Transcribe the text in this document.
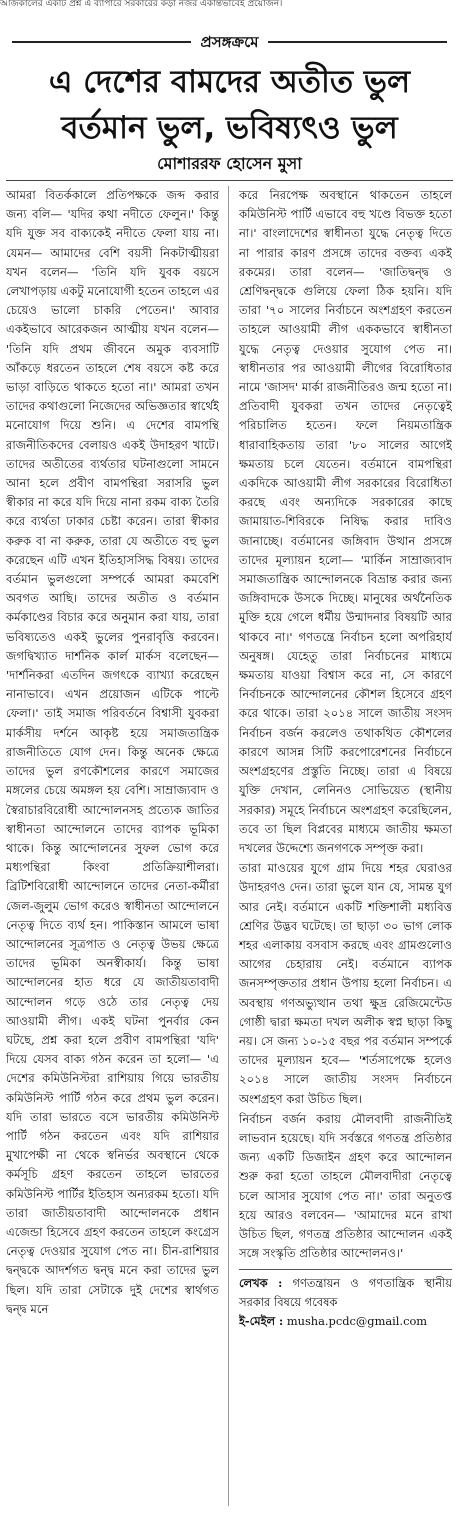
আজকালের একটি প্রশ্ন এ ব্যাপারে সরকারের কড়া নজর একান্তভাবেই প্রয়োজন।
প্রসঙ্গক্রমে
এ দেশের বামদের অতীত ভুল
বর্তমান ভুল, ভবিষ্যৎও ভুল
মোশাররফ হোসেন মুসা

আমরা বিতর্ককালে প্রতিপক্ষকে জব্দ করার জন্য বলি— 'যদির কথা নদীতে ফেলুন।' কিন্তু যদি যুক্ত সব বাক্যকেই নদীতে ফেলা যায় না। যেমন— আমাদের বেশি বয়সী নিকটাত্মীয়রা যখন বলেন— 'তিনি যদি যুবক বয়সে লেখাপড়ায় একটু মনোযোগী হতেন তাহলে এর চেয়েও ভালো চাকরি পেতেন।' আবার একইভাবে আরেকজন আত্মীয় যখন বলেন— 'তিনি যদি প্রথম জীবনে অমুক ব্যবসাটি আঁকড়ে ধরতেন তাহলে শেষ বয়সে কষ্ট করে ভাড়া বাড়িতে থাকতে হতো না।' আমরা তখন তাদের কথাগুলো নিজেদের অভিজ্ঞতার স্বার্থেই মনোযোগ দিয়ে শুনি। এ দেশের বামপন্থি রাজনীতিকদের বেলায়ও একই উদাহরণ খাটে। তাদের অতীতের ব্যর্থতার ঘটনাগুলো সামনে আনা হলে প্রবীণ বামপন্থিরা সরাসরি ভুল স্বীকার না করে যদি দিয়ে নানা রকম বাক্য তৈরি করে ব্যর্থতা ঢাকার চেষ্টা করেন। তারা স্বীকার করুক বা না করুক, তারা যে অতীতে বহু ভুল করেছেন এটি এখন ইতিহাসসিদ্ধ বিষয়। তাদের বর্তমান ভুলগুলো সম্পর্কে আমরা কমবেশি অবগত আছি। তাদের অতীত ও বর্তমান কর্মকাণ্ডের বিচার করে অনুমান করা যায়, তারা ভবিষ্যতেও একই ভুলের পুনরাবৃত্তি করবেন। জগদ্বিখ্যাত দার্শনিক কার্ল মার্কস বলেছেন— 'দার্শনিকরা এতদিন জগৎকে ব্যাখ্যা করেছেন নানাভাবে। এখন প্রয়োজন এটিকে পাল্টে ফেলা।' তাই সমাজ পরিবর্তনে বিশ্বাসী যুবকরা মার্কসীয় দর্শনে আকৃষ্ট হয়ে সমাজতান্ত্রিক রাজনীতিতে যোগ দেন। কিন্তু অনেক ক্ষেত্রে তাদের ভুল রণকৌশলের কারণে সমাজের মঙ্গলের চেয়ে অমঙ্গল হয় বেশি। সাম্রাজ্যবাদ ও স্বৈরাচারবিরোধী আন্দোলনসহ প্রত্যেক জাতির স্বাধীনতা আন্দোলনে তাদের ব্যাপক ভূমিকা থাকে। কিন্তু আন্দোলনের সুফল ভোগ করে মধ্যপন্থিরা কিংবা প্রতিক্রিয়াশীলরা। ব্রিটিশবিরোধী আন্দোলনে তাদের নেতা-কর্মীরা জেল-জুলুম ভোগ করেও স্বাধীনতা আন্দোলনে নেতৃত্ব দিতে ব্যর্থ হন। পাকিস্তান আমলে ভাষা আন্দোলনের সূত্রপাত ও নেতৃত্ব উভয় ক্ষেত্রে তাদের ভূমিকা অনস্বীকার্য। কিন্তু ভাষা আন্দোলনের হাত ধরে যে জাতীয়তাবাদী আন্দোলন গড়ে ওঠে তার নেতৃত্ব দেয় আওয়ামী লীগ। একই ঘটনা পুনর্বার কেন ঘটছে, প্রশ্ন করা হলে প্রবীণ বামপন্থিরা 'যদি' দিয়ে যেসব বাক্য গঠন করেন তা হলো— 'এ দেশের কমিউনিস্টরা রাশিয়ায় গিয়ে ভারতীয় কমিউনিস্ট পার্টি গঠন করে প্রথম ভুল করেন। যদি তারা ভারতে বসে ভারতীয় কমিউনিস্ট পার্টি গঠন করতেন এবং যদি রাশিয়ার মুখাপেক্ষী না থেকে স্বনির্ভর অবস্থানে থেকে কর্মসূচি গ্রহণ করতেন তাহলে ভারতের কমিউনিস্ট পার্টির ইতিহাস অন্যরকম হতো। যদি তারা জাতীয়তাবাদী আন্দোলনকে প্রধান এজেন্ডা হিসেবে গ্রহণ করতেন তাহলে কংগ্রেস নেতৃত্ব দেওয়ার সুযোগ পেত না। চীন-রাশিয়ার দ্বন্দ্বকে আদর্শগত দ্বন্দ্ব মনে করা তাদের ভুল ছিল। যদি তারা সেটাকে দুই দেশের স্বার্থগত দ্বন্দ্ব মনে

করে নিরপেক্ষ অবস্থানে থাকতেন তাহলে কমিউনিস্ট পার্টি এভাবে বহু খণ্ডে বিভক্ত হতো না।' বাংলাদেশের স্বাধীনতা যুদ্ধে নেতৃত্ব দিতে না পারার কারণ প্রসঙ্গে তাদের বক্তব্য একই রকমের। তারা বলেন— 'জাতিদ্বন্দ্ব ও শ্রেণিদ্বন্দ্বকে গুলিয়ে ফেলা ঠিক হয়নি। যদি তারা '৭০ সালের নির্বাচনে অংশগ্রহণ করতেন তাহলে আওয়ামী লীগ এককভাবে স্বাধীনতা যুদ্ধে নেতৃত্ব দেওয়ার সুযোগ পেত না। স্বাধীনতার পর আওয়ামী লীগের বিরোধিতার নামে 'জাসদ' মার্কা রাজনীতিরও জন্ম হতো না। প্রতিবাদী যুবকরা তখন তাদের নেতৃত্বেই পরিচালিত হতেন। ফলে নিয়মতান্ত্রিক ধারাবাহিকতায় তারা '৮০ সালের আগেই ক্ষমতায় চলে যেতেন। বর্তমানে বামপন্থিরা একদিকে আওয়ামী লীগ সরকারের বিরোধিতা করছে এবং অন্যদিকে সরকারের কাছে জামায়াত-শিবিরকে নিষিদ্ধ করার দাবিও জানাচ্ছে। বর্তমানের জঙ্গিবাদ উত্থান প্রসঙ্গে তাদের মূল্যায়ন হলো— 'মার্কিন সাম্রাজ্যবাদ সমাজতান্ত্রিক আন্দোলনকে বিভ্রান্ত করার জন্য জঙ্গিবাদকে উসকে দিচ্ছে। মানুষের অর্থনৈতিক মুক্তি হয়ে গেলে ধর্মীয় উন্মাদনার বিষয়টি আর থাকবে না।' গণতন্ত্রে নির্বাচন হলো অপরিহার্য অনুষঙ্গ। যেহেতু তারা নির্বাচনের মাধ্যমে ক্ষমতায় যাওয়া বিশ্বাস করে না, সে কারণে নির্বাচনকে আন্দোলনের কৌশল হিসেবে গ্রহণ করে থাকে। তারা ২০১৪ সালে জাতীয় সংসদ নির্বাচন বর্জন করলেও তথাকথিত কৌশলের কারণে আসন্ন সিটি করপোরেশনের নির্বাচনে অংশগ্রহণের প্রস্তুতি নিচ্ছে। তারা এ বিষয়ে যুক্তি দেখান, লেনিনও সোভিয়েত (স্থানীয় সরকার) সমূহে নির্বাচনে অংশগ্রহণ করেছিলেন, তবে তা ছিল বিপ্লবের মাধ্যমে জাতীয় ক্ষমতা দখলের উদ্দেশ্যে জনগণকে সম্পৃক্ত করা।

তারা মাওয়ের যুগে গ্রাম দিয়ে শহর ঘেরাওর উদাহরণও দেন। তারা ভুলে যান যে, সামন্ত যুগ আর নেই। বর্তমানে একটি শক্তিশালী মধ্যবিত্ত শ্রেণির উদ্ভব ঘটেছে। তা ছাড়া ৩০ ভাগ লোক শহর এলাকায় বসবাস করছে এবং গ্রামগুলোও আগের চেহারায় নেই। বর্তমানে ব্যাপক জনসম্পৃক্ততার প্রধান উপায় হলো নির্বাচন। এ অবস্থায় গণঅভ্যুত্থান তথা ক্ষুদ্র রেজিমেন্টেড গোষ্ঠী দ্বারা ক্ষমতা দখল অলীক স্বপ্ন ছাড়া কিছু নয়। সে জন্য ১০-১৫ বছর পর বর্তমান সম্পর্কে তাদের মূল্যায়ন হবে— 'শর্তসাপেক্ষে হলেও ২০১৪ সালে জাতীয় সংসদ নির্বাচনে অংশগ্রহণ করা উচিত ছিল।

নির্বাচন বর্জন করায় মৌলবাদী রাজনীতিই লাভবান হয়েছে। যদি সর্বস্তরে গণতন্ত্র প্রতিষ্ঠার জন্য একটি ডিজাইন গ্রহণ করে আন্দোলন শুরু করা হতো তাহলে মৌলবাদীরা নেতৃত্বে চলে আসার সুযোগ পেত না।' তারা অনুতপ্ত হয়ে আরও বলবেন— 'আমাদের মনে রাখা উচিত ছিল, গণতন্ত্র প্রতিষ্ঠার আন্দোলন একই সঙ্গে সংস্কৃতি প্রতিষ্ঠার আন্দোলনও।'

লেখক : গণতন্ত্রায়ন ও গণতান্ত্রিক স্থানীয় সরকার বিষয়ে গবেষক
ই-মেইল : musha.pcdc@gmail.com
